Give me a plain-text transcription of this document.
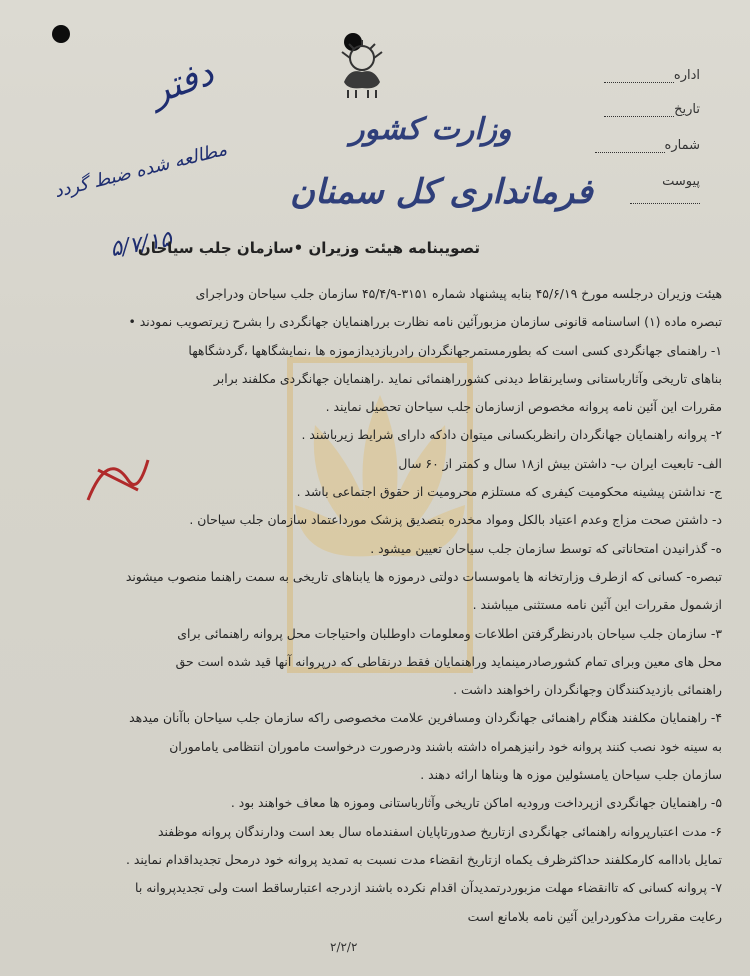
وزارت کشور
فرمانداری کل سمنان
اداره
تاریخ
شماره
پیوست
دفتر
مطالعه شده ضبط گردد
۵/۷/۱۵
تصویبنامه هیئت وزیران •سازمان جلب سیاحان

هیئت وزیران درجلسه مورخ ۴۵/۶/۱۹ بنابه پیشنهاد شماره ۳۱۵۱-۴۵/۴/۹ سازمان جلب سیاحان ودراجرای

تبصره ماده (۱) اساسنامه قانونی سازمان مزبورآئین نامه نظارت برراهنمایان جهانگردی را بشرح زیرتصویب نمودند •

۱- راهنمای جهانگردی کسی است که بطورمستمرجهانگردان رادربازدیدازموزه ها ،نمایشگاهها ،گردشگاهها

بناهای تاریخی وآثارباستانی وسایرنقاط دیدنی کشورراهنمائی نماید .راهنمایان جهانگردی مکلفند برابر

مقررات این آئین نامه پروانه مخصوص ازسازمان جلب سیاحان تحصیل نمایند .

۲- پروانه راهنمایان جهانگردان رانظربکسانی میتوان دادکه دارای شرایط زیرباشند .

الف- تابعیت ایران ب- داشتن بیش از۱۸ سال و کمتر از ۶۰ سال

ج- نداشتن پیشینه محکومیت کیفری که مستلزم محرومیت از حقوق اجتماعی باشد .

د- داشتن صحت مزاج وعدم اعتیاد بالکل ومواد مخدره بتصدیق پزشک مورداعتماد سازمان جلب سیاحان .

ه- گذرانیدن امتحاناتی که توسط سازمان جلب سیاحان تعیین میشود .

تبصره- کسانی که ازطرف وزارتخانه ها یاموسسات دولتی درموزه ها یابناهای تاریخی به سمت راهنما منصوب میشوند

ازشمول مقررات این آئین نامه مستثنی میباشند .

۳- سازمان جلب سیاحان بادرنظرگرفتن اطلاعات ومعلومات داوطلبان واحتیاجات محل پروانه راهنمائی برای

محل های معین وبرای تمام کشورصادرمینماید وراهنمایان فقط درنقاطی که درپروانه آنها قید شده است حق

راهنمائی بازدیدکنندگان وجهانگردان راخواهند داشت .

۴- راهنمایان مکلفند هنگام راهنمائی جهانگردان ومسافرین علامت مخصوصی راکه سازمان جلب سیاحان باآنان میدهد

به سینه خود نصب کنند پروانه خود رانیزهمراه داشته باشند ودرصورت درخواست ماموران انتظامی یاماموران

سازمان جلب سیاحان یامسئولین موزه ها وبناها ارائه دهند .

۵- راهنمایان جهانگردی ازپرداخت ورودیه اماکن تاریخی وآثارباستانی وموزه ها معاف خواهند بود .

۶- مدت اعتبارپروانه راهنمائی جهانگردی ازتاریخ صدورتاپایان اسفندماه سال بعد است ودارندگان پروانه موظفند

تمایل باداامه کارمکلفند حداکثرظرف یکماه ازتاریخ انقضاء مدت نسبت به تمدید پروانه خود درمحل تجدیداقدام نمایند .

۷- پروانه کسانی که تاانقضاء مهلت مزبوردرتمدیدآن اقدام نکرده باشند ازدرجه اعتبارساقط است ولی تجدیدپروانه با

رعایت مقررات مذکوردراین آئین نامه بلامانع است

۲/۲/۲
